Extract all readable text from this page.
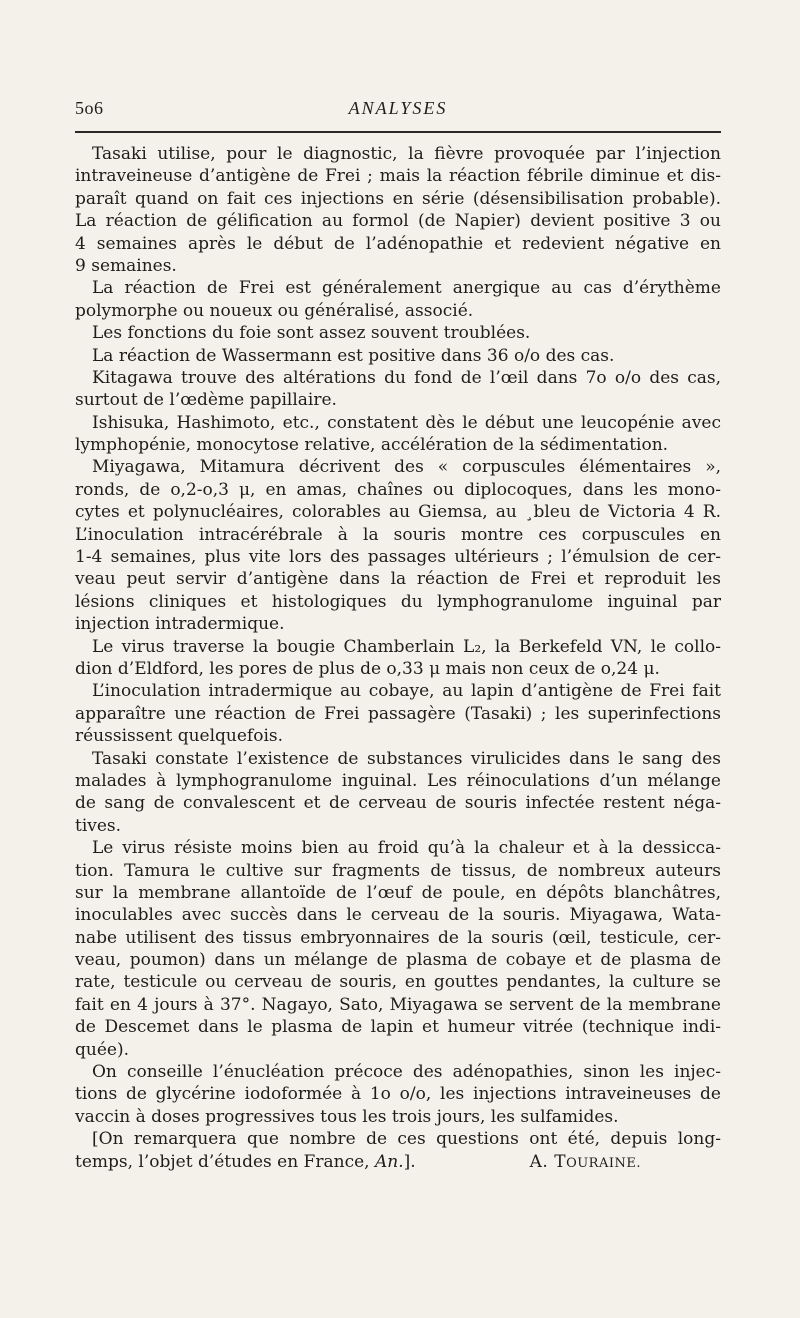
5o6	ANALYSES
Tasaki utilise, pour le diagnostic, la fièvre provoquée par l’injection
intraveineuse d’antigène de Frei ; mais la réaction fébrile diminue et dis-
paraît quand on fait ces injections en série (désensibilisation probable).
La réaction de gélification au formol (de Napier) devient positive 3 ou
4 semaines après le début de l’adénopathie et redevient négative en
9 semaines.
La réaction de Frei est généralement anergique au cas d’érythème
polymorphe ou noueux ou généralisé, associé.
Les fonctions du foie sont assez souvent troublées.
La réaction de Wassermann est positive dans 36 o/o des cas.
Kitagawa trouve des altérations du fond de l’œil dans 7o o/o des cas,
surtout de l’œdème papillaire.
Ishisuka, Hashimoto, etc., constatent dès le début une leucopénie avec
lymphopénie, monocytose relative, accélération de la sédimentation.
Miyagawa, Mitamura décrivent des « corpuscules élémentaires »,
ronds, de o,2-o,3 μ, en amas, chaînes ou diplocoques, dans les mono-
cytes et polynucléaires, colorables au Giemsa, au ¸bleu de Victoria 4 R.
L’inoculation intracérébrale à la souris montre ces corpuscules en
1-4 semaines, plus vite lors des passages ultérieurs ; l’émulsion de cer-
veau peut servir d’antigène dans la réaction de Frei et reproduit les
lésions cliniques et histologiques du lymphogranulome inguinal par
injection intradermique.
Le virus traverse la bougie Chamberlain L₂, la Berkefeld VN, le collo-
dion d’Eldford, les pores de plus de o,33 μ mais non ceux de o,24 μ.
L’inoculation intradermique au cobaye, au lapin d’antigène de Frei fait
apparaître une réaction de Frei passagère (Tasaki) ; les superinfections
réussissent quelquefois.
Tasaki constate l’existence de substances virulicides dans le sang des
malades à lymphogranulome inguinal. Les réinoculations d’un mélange
de sang de convalescent et de cerveau de souris infectée restent néga-
tives.
Le virus résiste moins bien au froid qu’à la chaleur et à la dessicca-
tion. Tamura le cultive sur fragments de tissus, de nombreux auteurs
sur la membrane allantoïde de l’œuf de poule, en dépôts blanchâtres,
inoculables avec succès dans le cerveau de la souris. Miyagawa, Wata-
nabe utilisent des tissus embryonnaires de la souris (œil, testicule, cer-
veau, poumon) dans un mélange de plasma de cobaye et de plasma de
rate, testicule ou cerveau de souris, en gouttes pendantes, la culture se
fait en 4 jours à 37°. Nagayo, Sato, Miyagawa se servent de la membrane
de Descemet dans le plasma de lapin et humeur vitrée (technique indi-
quée).
On conseille l’énucléation précoce des adénopathies, sinon les injec-
tions de glycérine iodoformée à 1o o/o, les injections intraveineuses de
vaccin à doses progressives tous les trois jours, les sulfamides.
[On remarquera que nombre de ces questions ont été, depuis long-
temps, l’objet d’études en France, An.].	A. TOURAINE.
